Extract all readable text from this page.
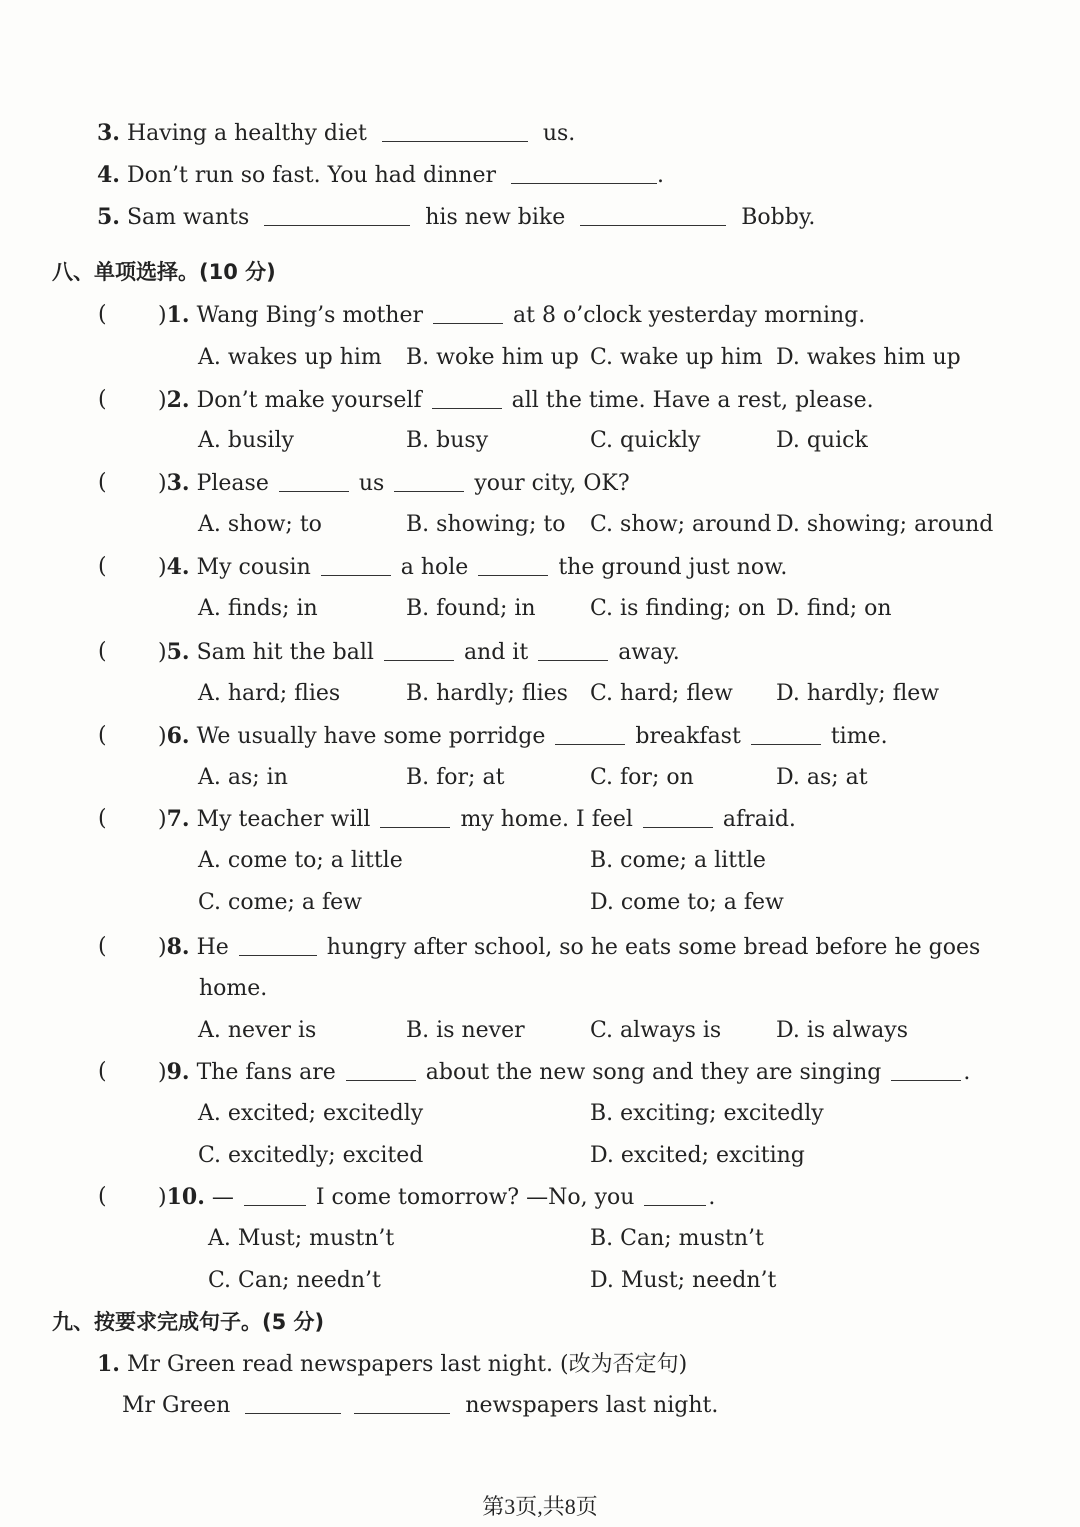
3. Having a healthy diet	us.
4. Don’t run so fast. You had dinner	.
5. Sam wants	his new bike	Bobby.
八、单项选择。(10 分)
( )1. Wang Bing’s mother	at 8 o’clock yesterday morning.
A. wakes up him B. woke him up C. wake up him D. wakes him up
( )2. Don’t make yourself	all the time. Have a rest, please.
A. busily	B. busy	C. quickly	D. quick
( )3. Please	us	your city, OK?
A. show; to	B. showing; to C. show; around D. showing; around
( )4. My cousin	a hole	the ground just now.
A. finds; in	B. found; in C. is finding; on D. find; on
( )5. Sam hit the ball	and it	away.
A. hard; flies	B. hardly; flies C. hard; flew D. hardly; flew
( )6. We usually have some porridge	breakfast	time.
A. as; in	B. for; at	C. for; on	D. as; at
( )7. My teacher will	my home. I feel	afraid.
A. come to; a little	B. come; a little
C. come; a few	D. come to; a few
( )8. He	hungry after school, so he eats some bread before he goes
home.
A. never is	B. is never	C. always is D. is always
( )9. The fans are	about the new song and they are singing	.
A. excited; excitedly	B. exciting; excitedly
C. excitedly; excited	D. excited; exciting
( )10. —	I come tomorrow? —No, you	.
A. Must; mustn’t	B. Can; mustn’t
C. Can; needn’t	D. Must; needn’t
九、按要求完成句子。(5 分)
1. Mr Green read newspapers last night. (改为否定句)
Mr Green	newspapers last night.
第3页,共8页
